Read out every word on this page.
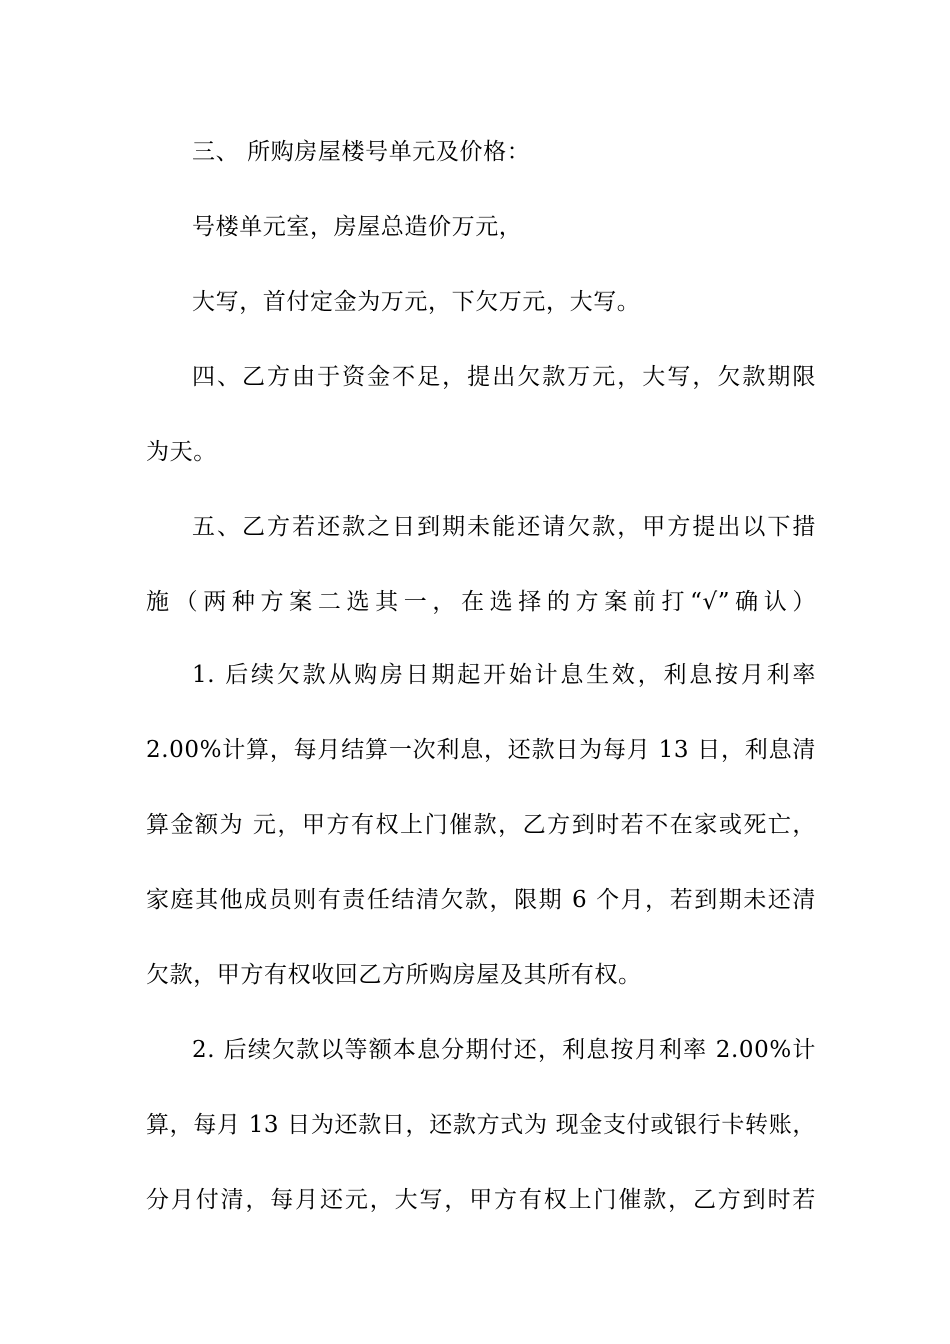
三、 所购房屋楼号单元及价格：
号楼单元室，房屋总造价万元，
大写，首付定金为万元，下欠万元，大写。
四、乙方由于资金不足，提出欠款万元，大写，欠款期限
为天。
五、乙方若还款之日到期未能还请欠款，甲方提出以下措
施（两种方案二选其一，在选择的方案前打“√”确认）
1. 后续欠款从购房日期起开始计息生效，利息按月利率
2.00%计算，每月结算一次利息，还款日为每月 13 日，利息清
算金额为 元，甲方有权上门催款，乙方到时若不在家或死亡，
家庭其他成员则有责任结清欠款，限期 6 个月，若到期未还清
欠款，甲方有权收回乙方所购房屋及其所有权。
2. 后续欠款以等额本息分期付还，利息按月利率 2.00%计
算，每月 13 日为还款日，还款方式为 现金支付或银行卡转账，
分月付清，每月还元，大写，甲方有权上门催款，乙方到时若
